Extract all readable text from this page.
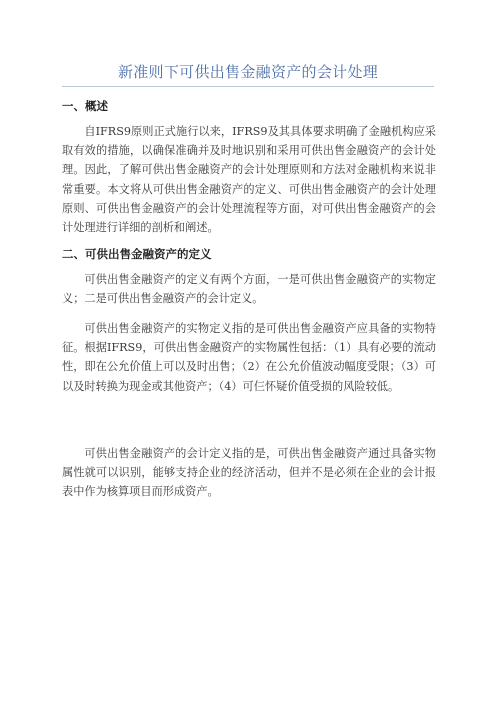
新准则下可供出售金融资产的会计处理
一、概述

自IFRS9原则正式施行以来，IFRS9及其具体要求明确了金融机构应采取有效的措施，以确保准确并及时地识别和采用可供出售金融资产的会计处理。因此，了解可供出售金融资产的会计处理原则和方法对金融机构来说非常重要。本文将从可供出售金融资产的定义、可供出售金融资产的会计处理原则、可供出售金融资产的会计处理流程等方面，对可供出售金融资产的会计处理进行详细的剖析和阐述。

二、可供出售金融资产的定义

可供出售金融资产的定义有两个方面，一是可供出售金融资产的实物定义；二是可供出售金融资产的会计定义。

可供出售金融资产的实物定义指的是可供出售金融资产应具备的实物特征。根据IFRS9，可供出售金融资产的实物属性包括：（1）具有必要的流动性，即在公允价值上可以及时出售；（2）在公允价值波动幅度受限；（3）可以及时转换为现金或其他资产；（4）可仨怀疑价值受损的风险较低。

可供出售金融资产的会计定义指的是，可供出售金融资产通过具备实物属性就可以识别，能够支持企业的经济活动，但并不是必须在企业的会计报表中作为核算项目而形成资产。
